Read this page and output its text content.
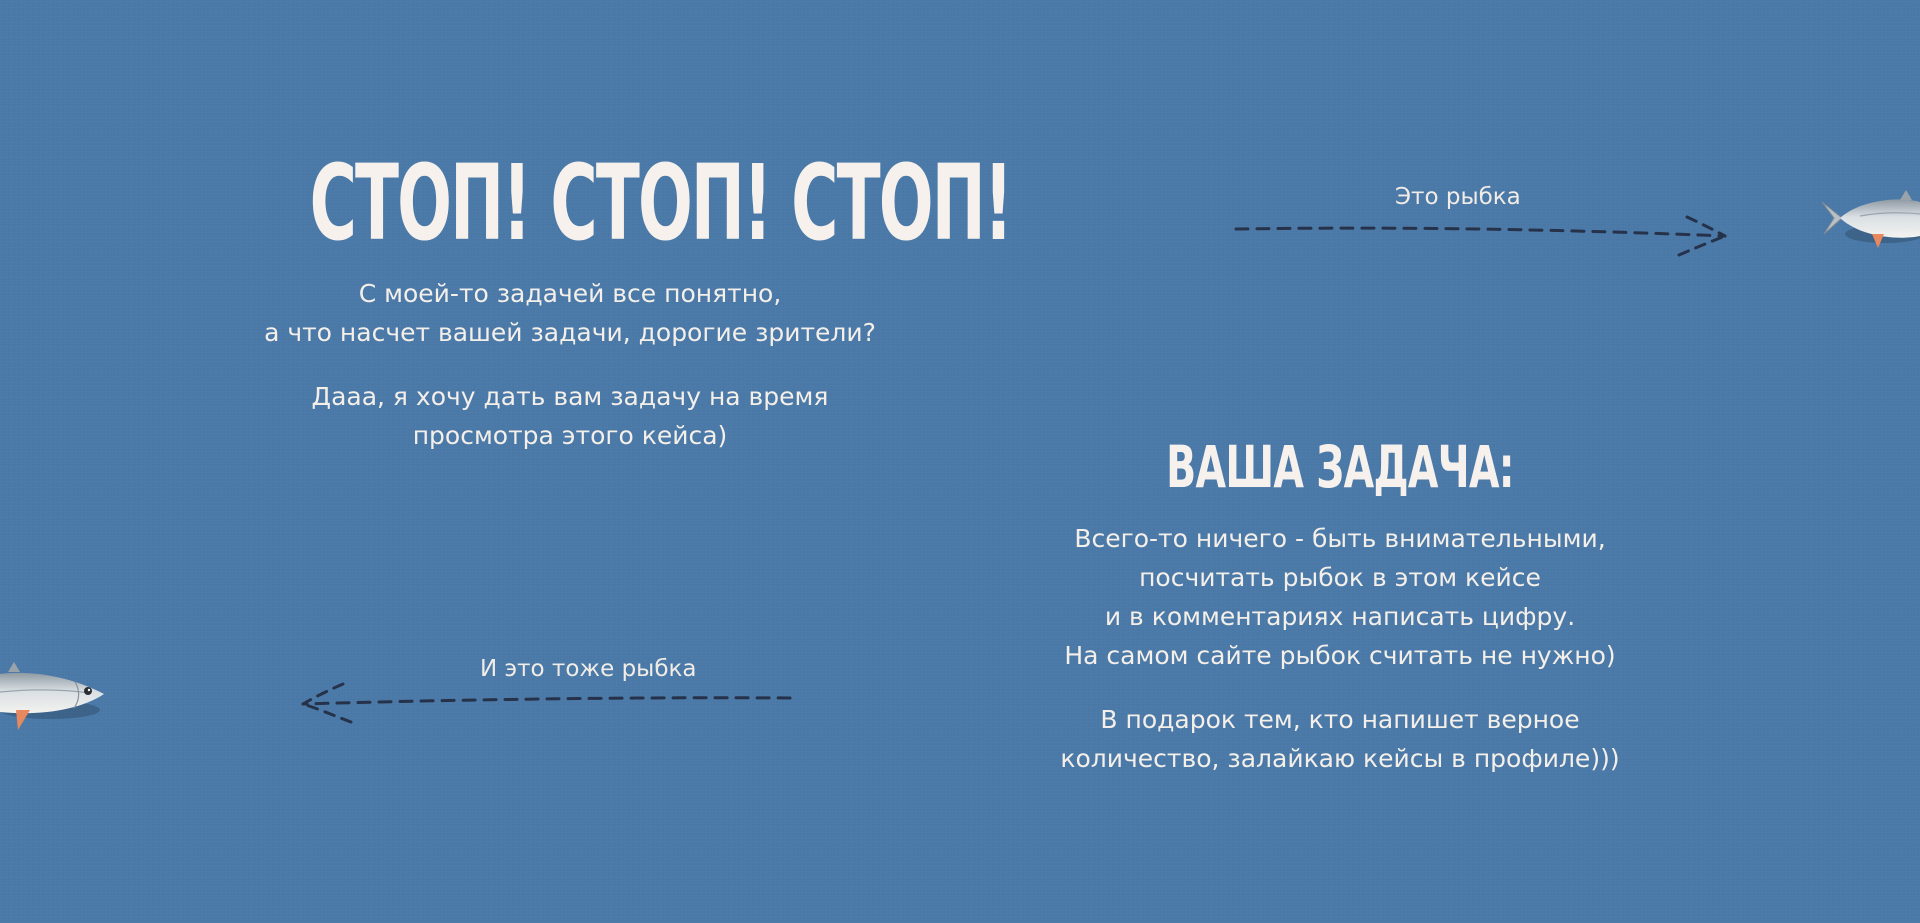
СТОП! СТОП! СТОП!
С моей-то задачей все понятно,
а что насчет вашей задачи, дорогие зрители?
Дааа, я хочу дать вам задачу на время
просмотра этого кейса)
Это рыбка
ВАША ЗАДАЧА:
Всего-то ничего - быть внимательными,
посчитать рыбок в этом кейсе
и в комментариях написать цифру.
На самом сайте рыбок считать не нужно)
В подарок тем, кто напишет верное
количество, залайкаю кейсы в профиле)))
И это тоже рыбка
